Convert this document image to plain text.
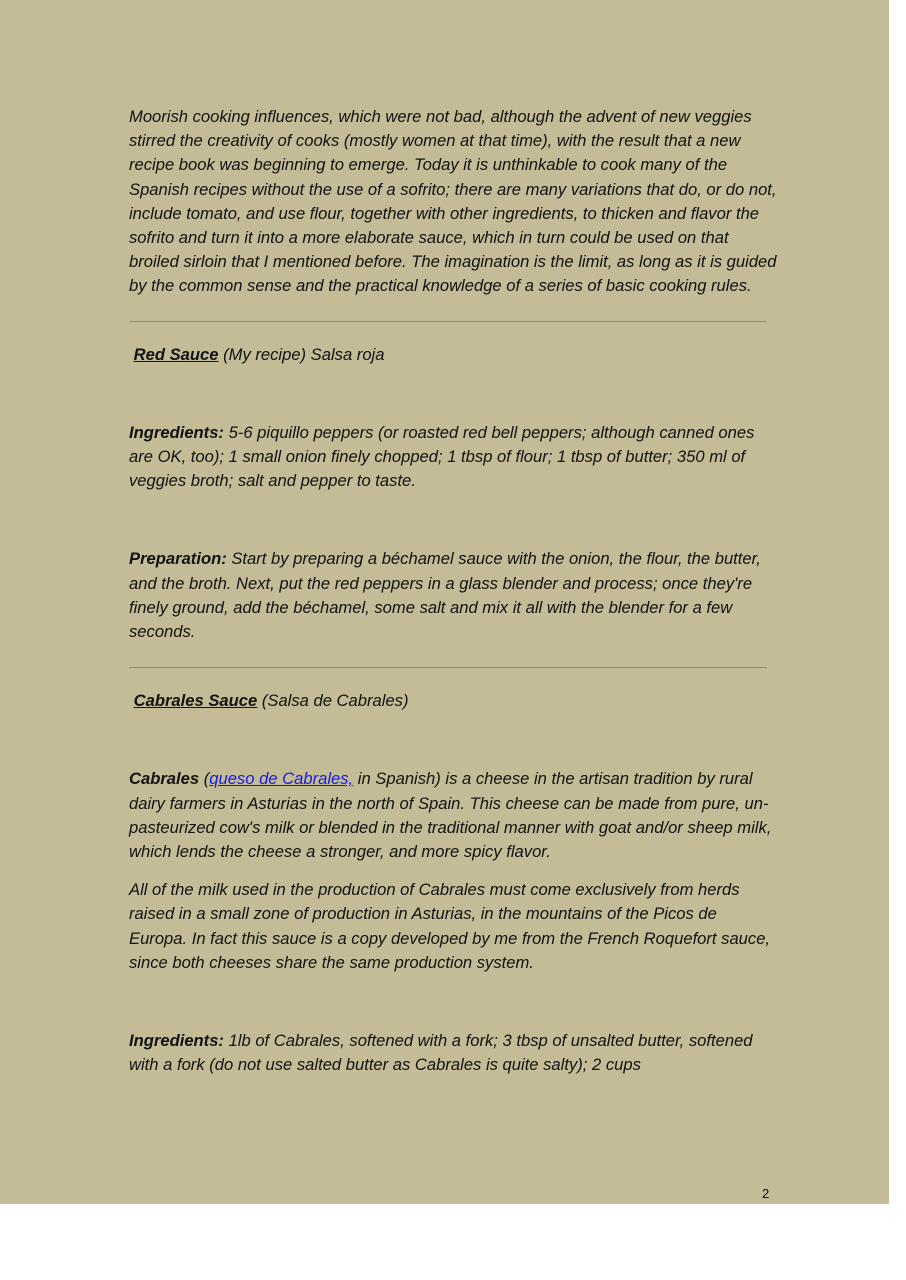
Moorish cooking influences, which were not bad, although the advent of new veggies stirred the creativity of cooks (mostly women at that time), with the result that a new recipe book was beginning to emerge. Today it is unthinkable to cook many of the Spanish recipes without the use of a sofrito; there are many variations that do, or do not, include tomato, and use flour, together with other ingredients, to thicken and flavor the sofrito and turn it into a more elaborate sauce, which in turn could be used on that broiled sirloin that I mentioned before. The imagination is the limit, as long as it is guided by the common sense and the practical knowledge of a series of basic cooking rules.

Red Sauce (My recipe) Salsa roja

Ingredients: 5-6 piquillo peppers (or roasted red bell peppers; although canned ones are OK, too); 1 small onion finely chopped; 1 tbsp of flour; 1 tbsp of butter; 350 ml of veggies broth; salt and pepper to taste.

Preparation: Start by preparing a béchamel sauce with the onion, the flour, the butter, and the broth. Next, put the red peppers in a glass blender and process; once they're finely ground, add the béchamel, some salt and mix it all with the blender for a few seconds.

Cabrales Sauce (Salsa de Cabrales)

Cabrales (queso de Cabrales, in Spanish) is a cheese in the artisan tradition by rural dairy farmers in Asturias in the north of Spain. This cheese can be made from pure, un-pasteurized cow's milk or blended in the traditional manner with goat and/or sheep milk, which lends the cheese a stronger, and more spicy flavor.

All of the milk used in the production of Cabrales must come exclusively from herds raised in a small zone of production in Asturias, in the mountains of the Picos de Europa. In fact this sauce is a copy developed by me from the French Roquefort sauce, since both cheeses share the same production system.

Ingredients: 1lb of Cabrales, softened with a fork; 3 tbsp of unsalted butter, softened with a fork (do not use salted butter as Cabrales is quite salty); 2 cups

2
